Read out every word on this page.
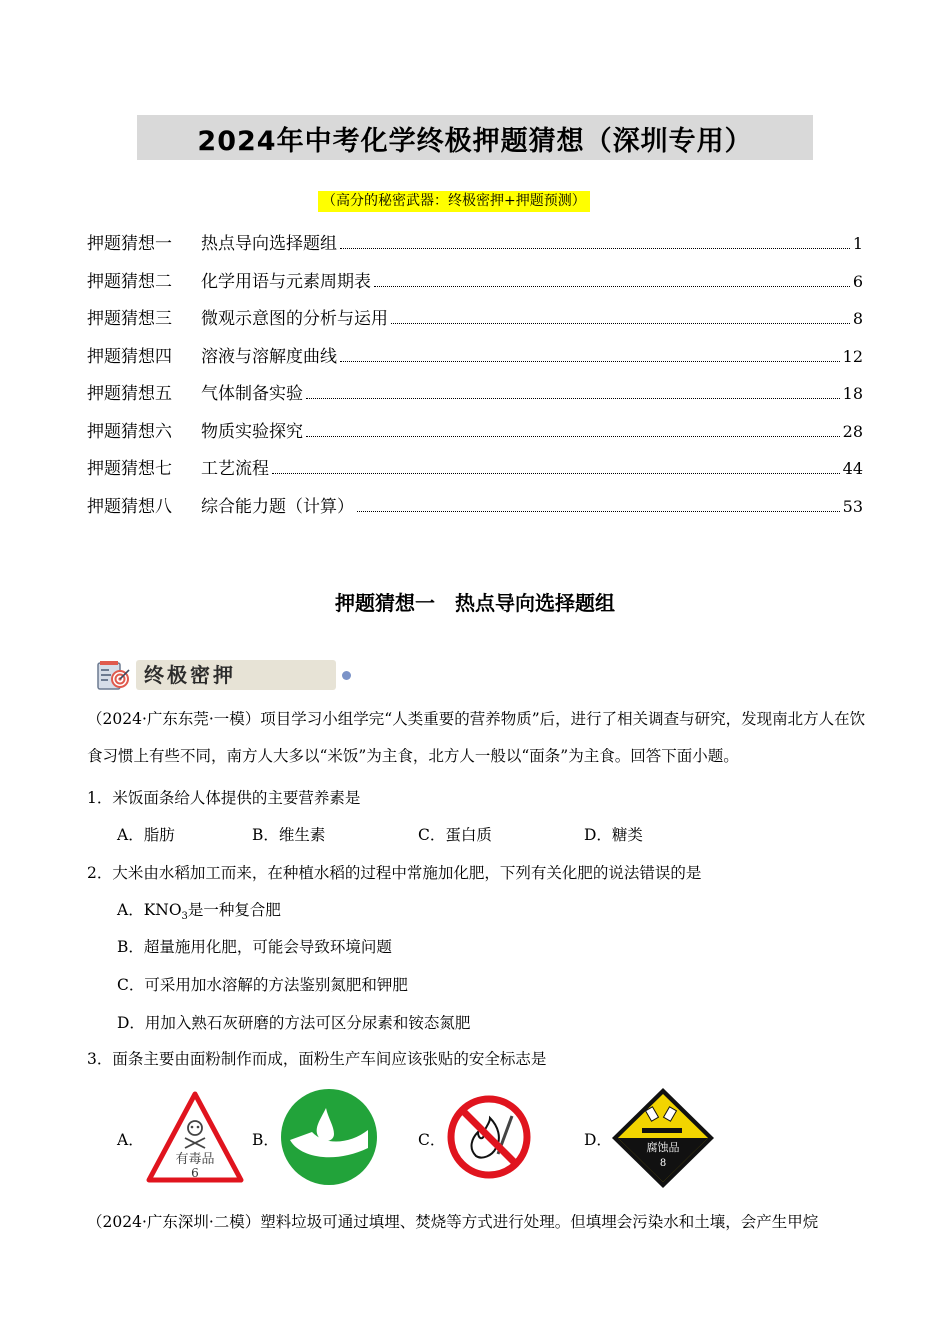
2024年中考化学终极押题猜想（深圳专用）
（高分的秘密武器：终极密押+押题预测）
押题猜想一	热点导向选择题组	1
押题猜想二	化学用语与元素周期表	6
押题猜想三	微观示意图的分析与运用	8
押题猜想四	溶液与溶解度曲线	12
押题猜想五	气体制备实验	18
押题猜想六	物质实验探究	28
押题猜想七	工艺流程	44
押题猜想八	综合能力题（计算）	53
押题猜想一　热点导向选择题组
终极密押
（2024·广东东莞·一模）项目学习小组学完“人类重要的营养物质”后，进行了相关调查与研究，发现南北方人在饮食习惯上有些不同，南方人大多以“米饭”为主食，北方人一般以“面条”为主食。回答下面小题。
1．米饭面条给人体提供的主要营养素是
A．脂肪	B．维生素	C．蛋白质	D．糖类
2．大米由水稻加工而来，在种植水稻的过程中常施加化肥，下列有关化肥的说法错误的是
A．$KNO_3$是一种复合肥
B．超量施用化肥，可能会导致环境问题
C．可采用加水溶解的方法鉴别氮肥和钾肥
D．用加入熟石灰研磨的方法可区分尿素和铵态氮肥
3．面条主要由面粉制作而成，面粉生产车间应该张贴的安全标志是
A．
有毒品
6
B．	C．	D．	腐蚀品
8
（2024·广东深圳·二模）塑料垃圾可通过填埋、焚烧等方式进行处理。但填埋会污染水和土壤，会产生甲烷
